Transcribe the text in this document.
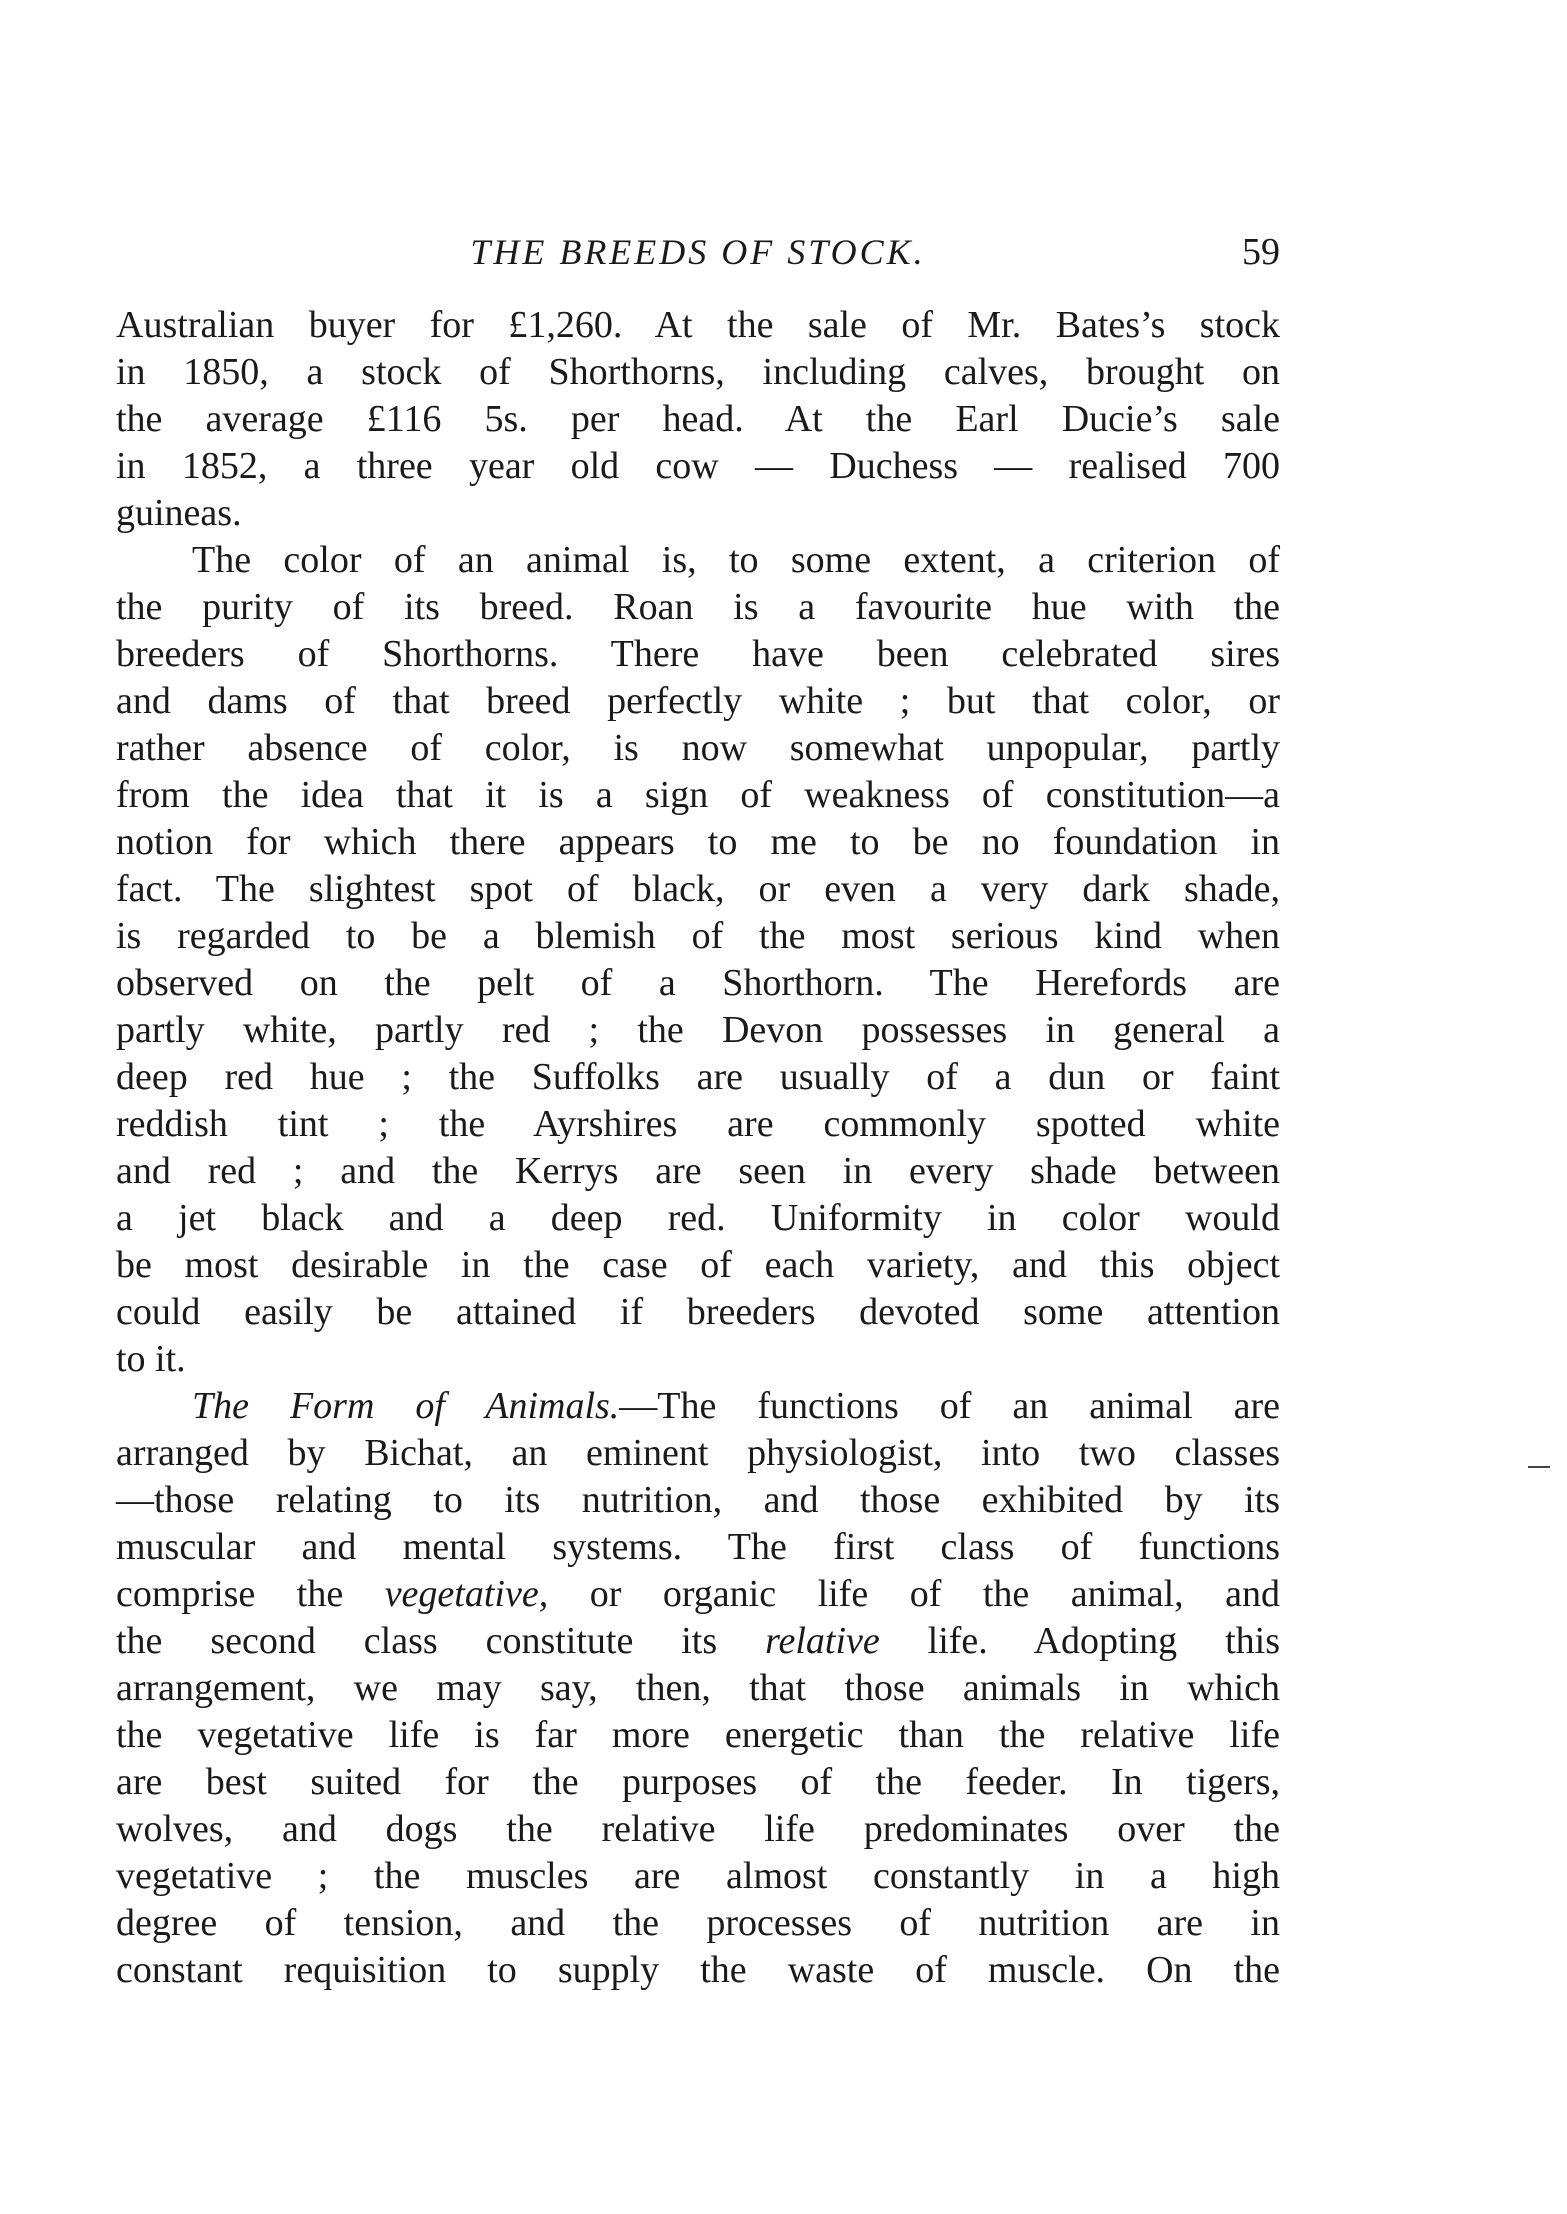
THE BREEDS OF STOCK.	59

Australian buyer for £1,260. At the sale of Mr. Bates’s stock
in 1850, a stock of Shorthorns, including calves, brought on
the average £116 5s. per head. At the Earl Ducie’s sale
in 1852, a three year old cow — Duchess — realised 700
guineas.

The color of an animal is, to some extent, a criterion of
the purity of its breed. Roan is a favourite hue with the
breeders of Shorthorns. There have been celebrated sires
and dams of that breed perfectly white ; but that color, or
rather absence of color, is now somewhat unpopular, partly
from the idea that it is a sign of weakness of constitution—a
notion for which there appears to me to be no foundation in
fact. The slightest spot of black, or even a very dark shade,
is regarded to be a blemish of the most serious kind when
observed on the pelt of a Shorthorn. The Herefords are
partly white, partly red ; the Devon possesses in general a
deep red hue ; the Suffolks are usually of a dun or faint
reddish tint ; the Ayrshires are commonly spotted white
and red ; and the Kerrys are seen in every shade between
a jet black and a deep red. Uniformity in color would
be most desirable in the case of each variety, and this object
could easily be attained if breeders devoted some attention
to it.

The Form of Animals.—The functions of an animal are
arranged by Bichat, an eminent physiologist, into two classes
—those relating to its nutrition, and those exhibited by its
muscular and mental systems. The first class of functions
comprise the vegetative, or organic life of the animal, and
the second class constitute its relative life. Adopting this
arrangement, we may say, then, that those animals in which
the vegetative life is far more energetic than the relative life
are best suited for the purposes of the feeder. In tigers,
wolves, and dogs the relative life predominates over the
vegetative ; the muscles are almost constantly in a high
degree of tension, and the processes of nutrition are in
constant requisition to supply the waste of muscle. On the
